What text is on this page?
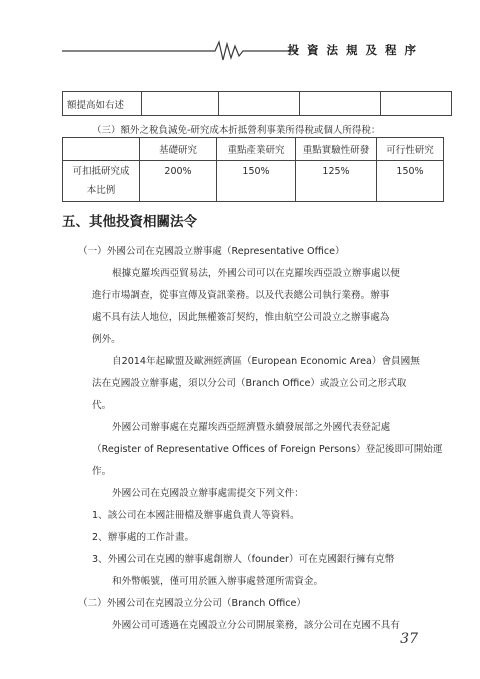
投 資 法 規 及 程 序
額提高如右述				
（三）額外之稅負減免-研究成本折抵營利事業所得稅或個人所得稅：
	基礎研究	重點產業研究	重點實驗性研發	可行性研究
可扣抵研究成
本比例	200%	150%	125%	150%
五、其他投資相關法令
（一）外國公司在克國設立辦事處（Representative Office）
根據克羅埃西亞貿易法，外國公司可以在克羅埃西亞設立辦事處以便
進行市場調查，從事宣傳及資訊業務。以及代表總公司執行業務。辦事
處不具有法人地位，因此無權簽訂契約，惟由航空公司設立之辦事處為
例外。
自2014年起歐盟及歐洲經濟區（European Economic Area）會員國無
法在克國設立辦事處，須以分公司（Branch Office）或設立公司之形式取
代。
外國公司辦事處在克羅埃西亞經濟暨永續發展部之外國代表登記處
（Register of Representative Offices of Foreign Persons）登記後即可開始運
作。
外國公司在克國設立辦事處需提交下列文件：
1、該公司在本國註冊檔及辦事處負責人等資料。
2、辦事處的工作計畫。
3、外國公司在克國的辦事處創辦人（founder）可在克國銀行擁有克幣
和外幣帳號，僅可用於匯入辦事處營運所需資金。
（二）外國公司在克國設立分公司（Branch Office）
外國公司可透過在克國設立分公司開展業務，該分公司在克國不具有
37
